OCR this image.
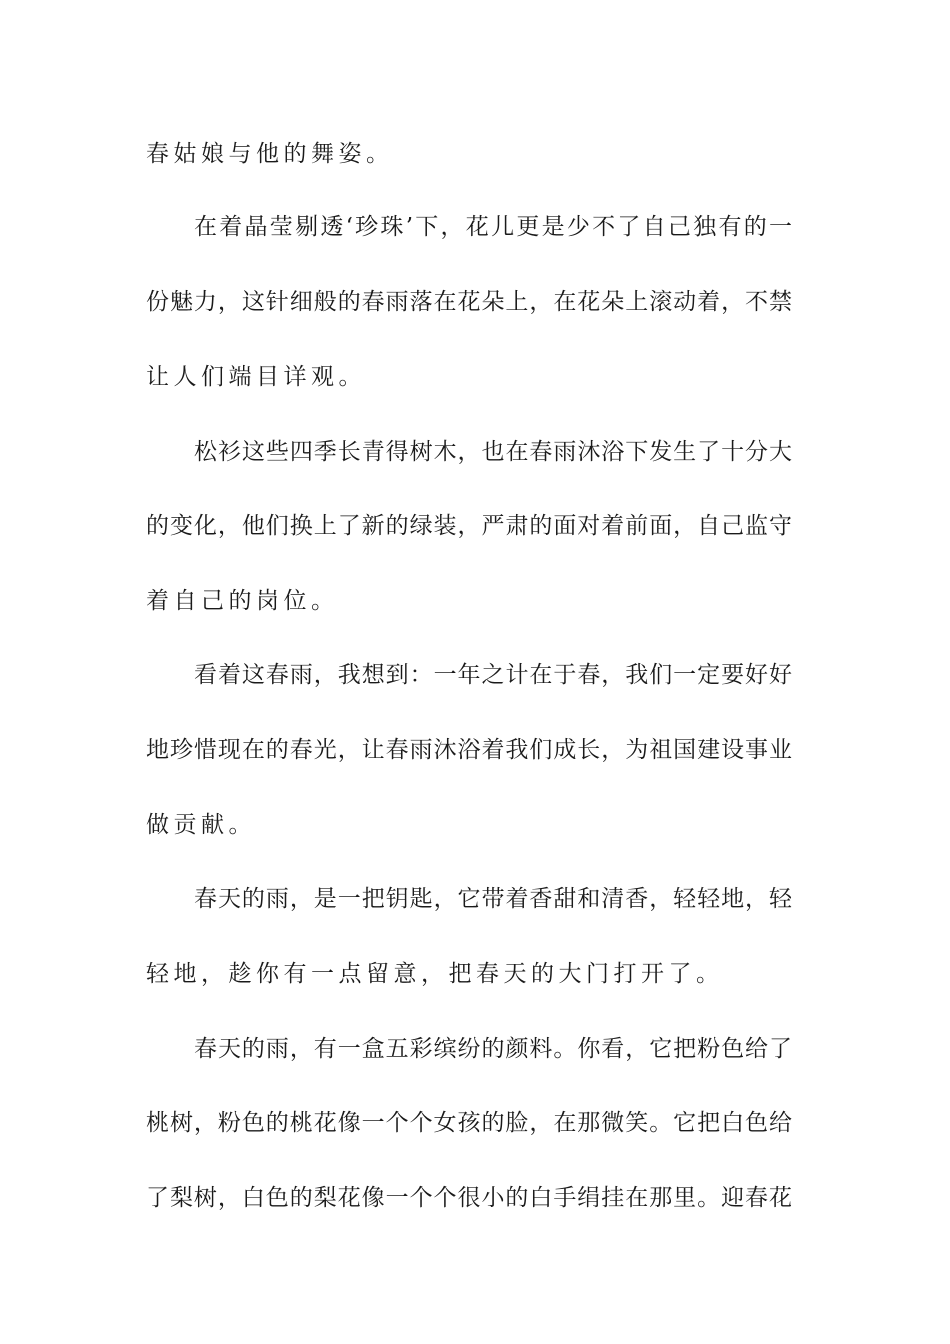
春姑娘与他的舞姿。
在着晶莹剔透‘珍珠’下，花儿更是少不了自己独有的一
份魅力，这针细般的春雨落在花朵上，在花朵上滚动着，不禁
让人们端目详观。
松衫这些四季长青得树木，也在春雨沐浴下发生了十分大
的变化，他们换上了新的绿装，严肃的面对着前面，自己监守
着自己的岗位。
看着这春雨，我想到：一年之计在于春，我们一定要好好
地珍惜现在的春光，让春雨沐浴着我们成长，为祖国建设事业
做贡献。
春天的雨，是一把钥匙，它带着香甜和清香，轻轻地，轻
轻地，趁你有一点留意，把春天的大门打开了。
春天的雨，有一盒五彩缤纷的颜料。你看，它把粉色给了
桃树，粉色的桃花像一个个女孩的脸，在那微笑。它把白色给
了梨树，白色的梨花像一个个很小的白手绢挂在那里。迎春花
